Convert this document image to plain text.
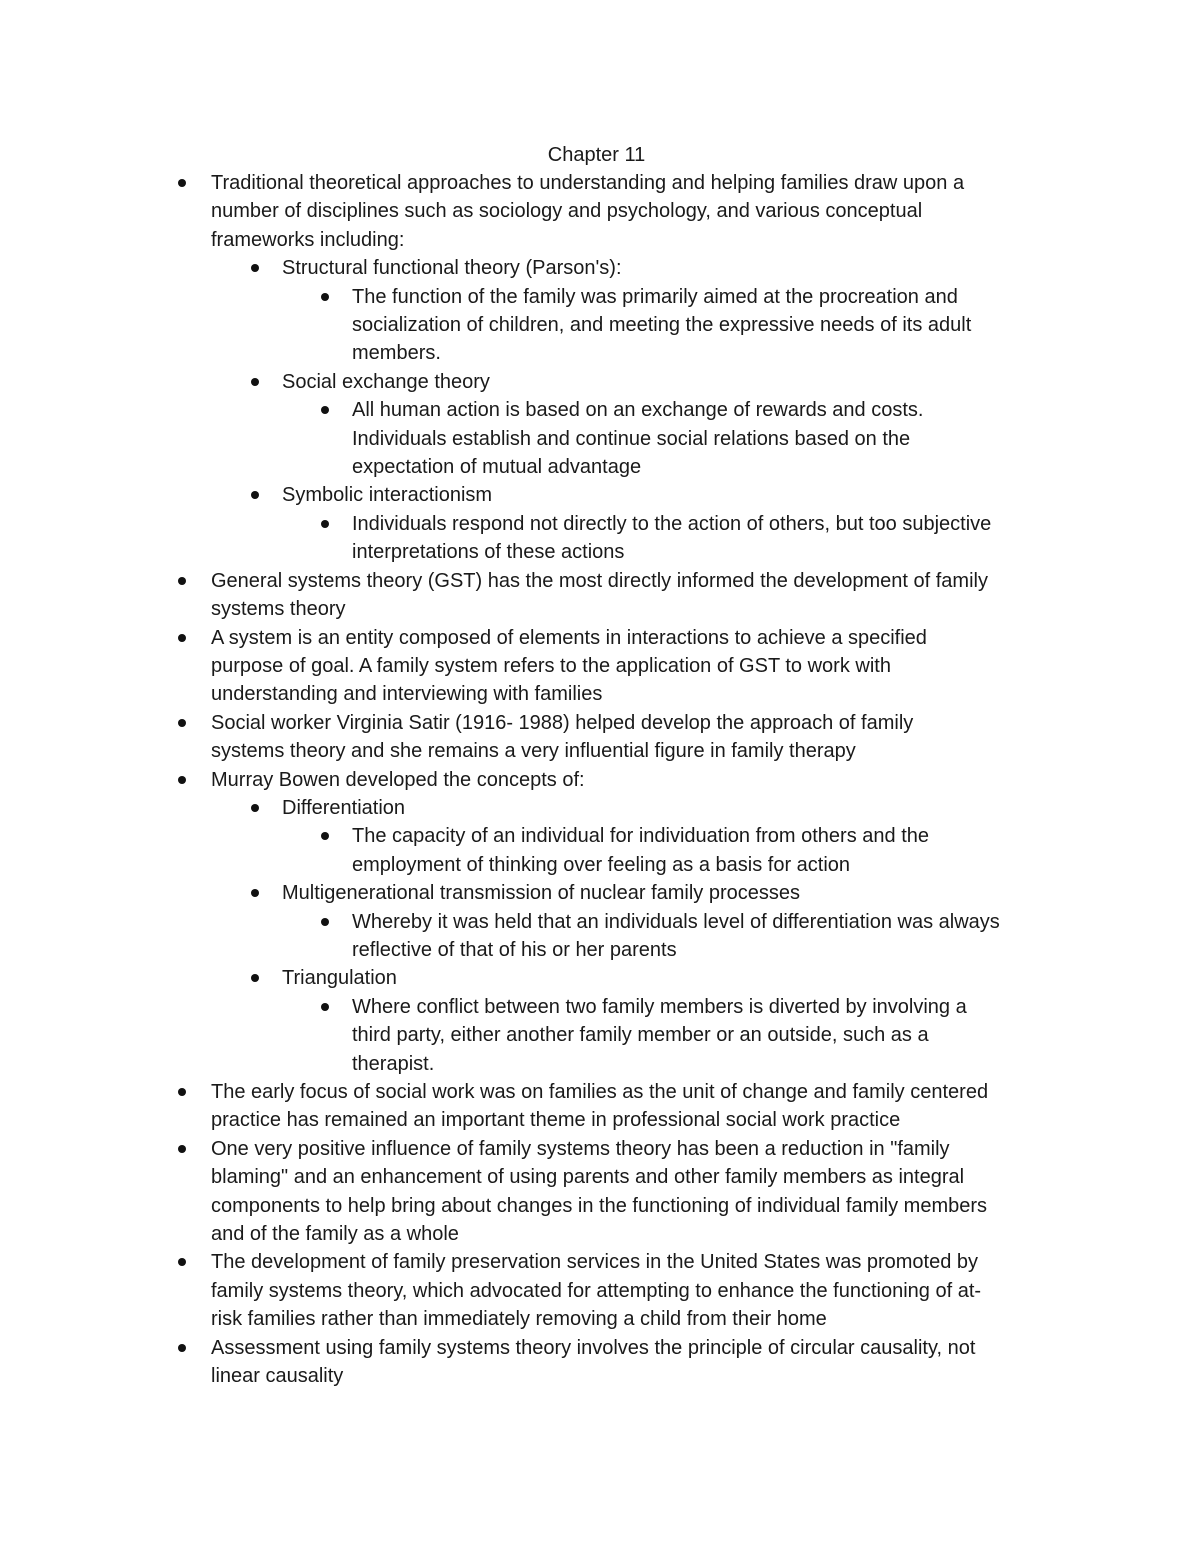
Chapter 11
Traditional theoretical approaches to understanding and helping families draw upon a
number of disciplines such as sociology and psychology, and various conceptual
frameworks including:
Structural functional theory (Parson's):
The function of the family was primarily aimed at the procreation and
socialization of children, and meeting the expressive needs of its adult
members.
Social exchange theory
All human action is based on an exchange of rewards and costs.
Individuals establish and continue social relations based on the
expectation of mutual advantage
Symbolic interactionism
Individuals respond not directly to the action of others, but too subjective
interpretations of these actions
General systems theory (GST) has the most directly informed the development of family
systems theory
A system is an entity composed of elements in interactions to achieve a specified
purpose of goal. A family system refers to the application of GST to work with
understanding and interviewing with families
Social worker Virginia Satir (1916- 1988) helped develop the approach of family
systems theory and she remains a very influential figure in family therapy
Murray Bowen developed the concepts of:
Differentiation
The capacity of an individual for individuation from others and the
employment of thinking over feeling as a basis for action
Multigenerational transmission of nuclear family processes
Whereby it was held that an individuals level of differentiation was always
reflective of that of his or her parents
Triangulation
Where conflict between two family members is diverted by involving a
third party, either another family member or an outside, such as a
therapist.
The early focus of social work was on families as the unit of change and family centered
practice has remained an important theme in professional social work practice
One very positive influence of family systems theory has been a reduction in "family
blaming" and an enhancement of using parents and other family members as integral
components to help bring about changes in the functioning of individual family members
and of the family as a whole
The development of family preservation services in the United States was promoted by
family systems theory, which advocated for attempting to enhance the functioning of at-
risk families rather than immediately removing a child from their home
Assessment using family systems theory involves the principle of circular causality, not
linear causality
